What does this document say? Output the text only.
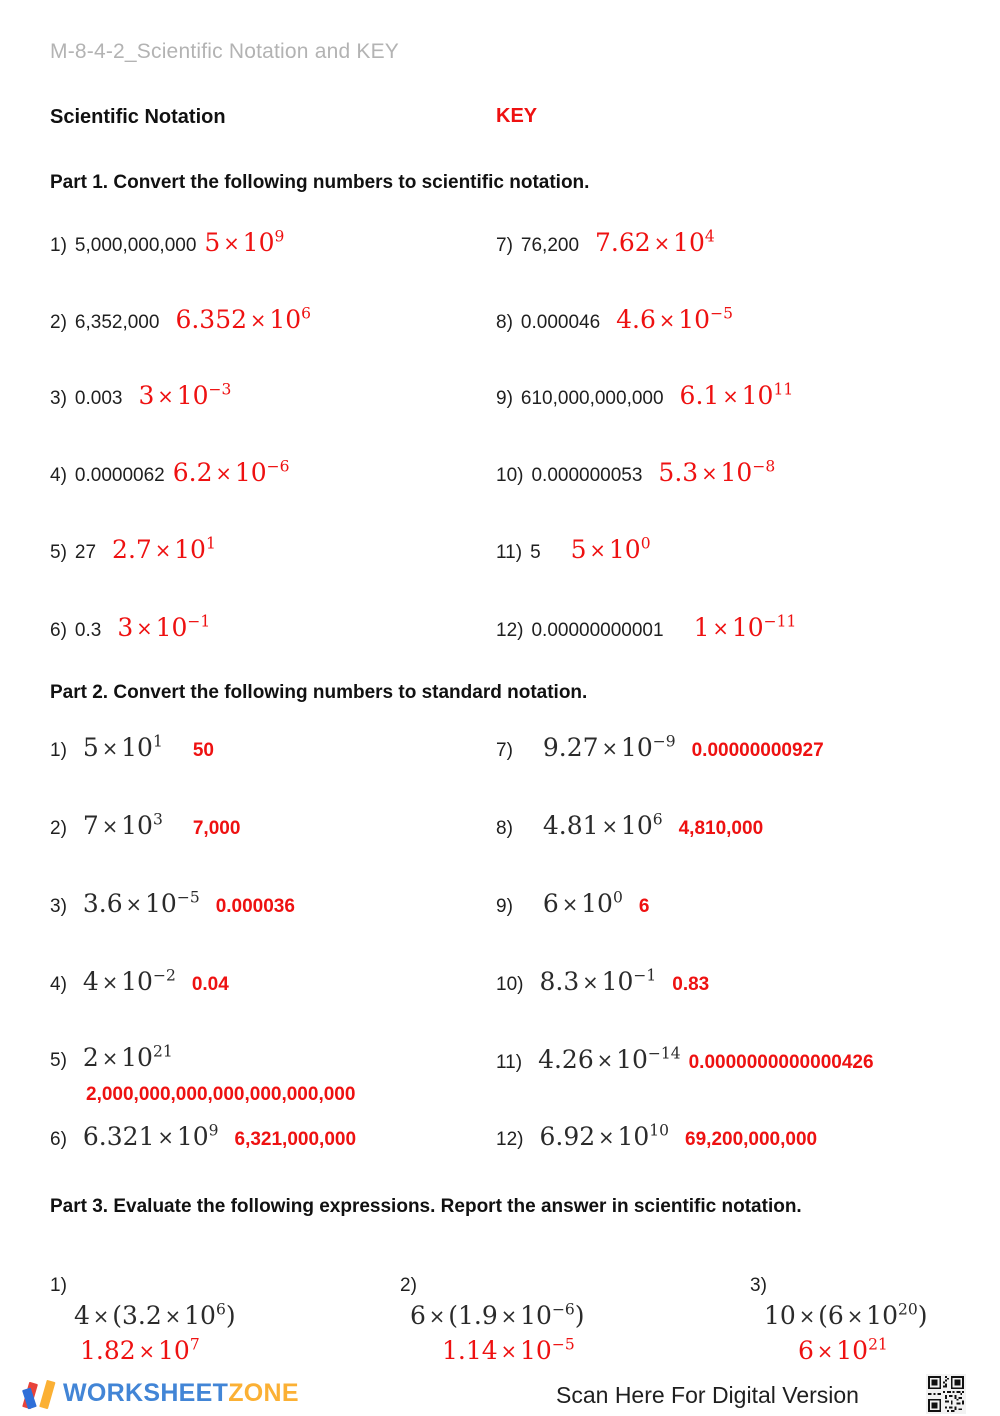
M-8-4-2_Scientific Notation and KEY
Scientific Notation	KEY
Part 1. Convert the following numbers to scientific notation.
1) 5,000,000,000 $5 \times 10^9$
2) 6,352,000 $6.352 \times 10^6$
3) 0.003 $3 \times 10^{-3}$
4) 0.0000062 $6.2 \times 10^{-6}$
5) 27 $2.7 \times 10^1$
6) 0.3 $3 \times 10^{-1}$
7) 76,200 $7.62 \times 10^4$
8) 0.000046 $4.6 \times 10^{-5}$
9) 610,000,000,000 $6.1 \times 10^{11}$
10) 0.000000053 $5.3 \times 10^{-8}$
11) 5 $5 \times 10^0$
12) 0.00000000001 $1 \times 10^{-11}$
Part 2. Convert the following numbers to standard notation.
1) $5 \times 10^1$ 50
2) $7 \times 10^3$ 7,000
3) $3.6 \times 10^{-5}$ 0.000036
4) $4 \times 10^{-2}$ 0.04
5) $2 \times 10^{21}$
2,000,000,000,000,000,000,000
6) $6.321 \times 10^9$ 6,321,000,000
7) $9.27 \times 10^{-9}$ 0.00000000927
8) $4.81 \times 10^6$ 4,810,000
9) $6 \times 10^0$ 6
10) $8.3 \times 10^{-1}$ 0.83
11) $4.26 \times 10^{-14}$ 0.0000000000000426
12) $6.92 \times 10^{10}$ 69,200,000,000
Part 3. Evaluate the following expressions. Report the answer in scientific notation.
1)
$4 \times (3.2 \times 10^6)$
$1.82 \times 10^7$
2)
$6 \times (1.9 \times 10^{-6})$
$1.14 \times 10^{-5}$
3)
$10 \times (6 \times 10^{20})$
$6 \times 10^{21}$
WORKSHEETZONE	Scan Here For Digital Version
